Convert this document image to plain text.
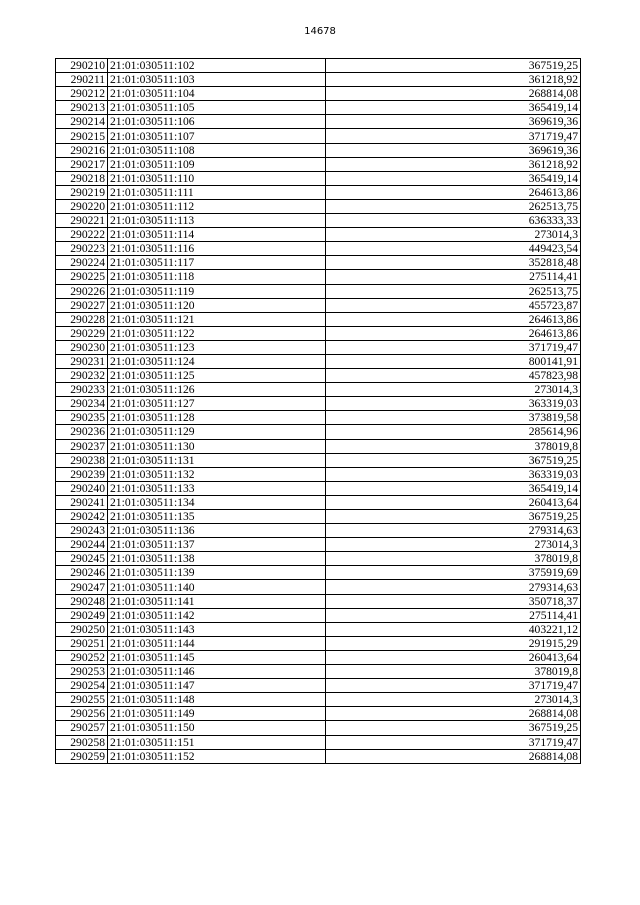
14678
290210	21:01:030511:102	367519,25
290211	21:01:030511:103	361218,92
290212	21:01:030511:104	268814,08
290213	21:01:030511:105	365419,14
290214	21:01:030511:106	369619,36
290215	21:01:030511:107	371719,47
290216	21:01:030511:108	369619,36
290217	21:01:030511:109	361218,92
290218	21:01:030511:110	365419,14
290219	21:01:030511:111	264613,86
290220	21:01:030511:112	262513,75
290221	21:01:030511:113	636333,33
290222	21:01:030511:114	273014,3
290223	21:01:030511:116	449423,54
290224	21:01:030511:117	352818,48
290225	21:01:030511:118	275114,41
290226	21:01:030511:119	262513,75
290227	21:01:030511:120	455723,87
290228	21:01:030511:121	264613,86
290229	21:01:030511:122	264613,86
290230	21:01:030511:123	371719,47
290231	21:01:030511:124	800141,91
290232	21:01:030511:125	457823,98
290233	21:01:030511:126	273014,3
290234	21:01:030511:127	363319,03
290235	21:01:030511:128	373819,58
290236	21:01:030511:129	285614,96
290237	21:01:030511:130	378019,8
290238	21:01:030511:131	367519,25
290239	21:01:030511:132	363319,03
290240	21:01:030511:133	365419,14
290241	21:01:030511:134	260413,64
290242	21:01:030511:135	367519,25
290243	21:01:030511:136	279314,63
290244	21:01:030511:137	273014,3
290245	21:01:030511:138	378019,8
290246	21:01:030511:139	375919,69
290247	21:01:030511:140	279314,63
290248	21:01:030511:141	350718,37
290249	21:01:030511:142	275114,41
290250	21:01:030511:143	403221,12
290251	21:01:030511:144	291915,29
290252	21:01:030511:145	260413,64
290253	21:01:030511:146	378019,8
290254	21:01:030511:147	371719,47
290255	21:01:030511:148	273014,3
290256	21:01:030511:149	268814,08
290257	21:01:030511:150	367519,25
290258	21:01:030511:151	371719,47
290259	21:01:030511:152	268814,08
